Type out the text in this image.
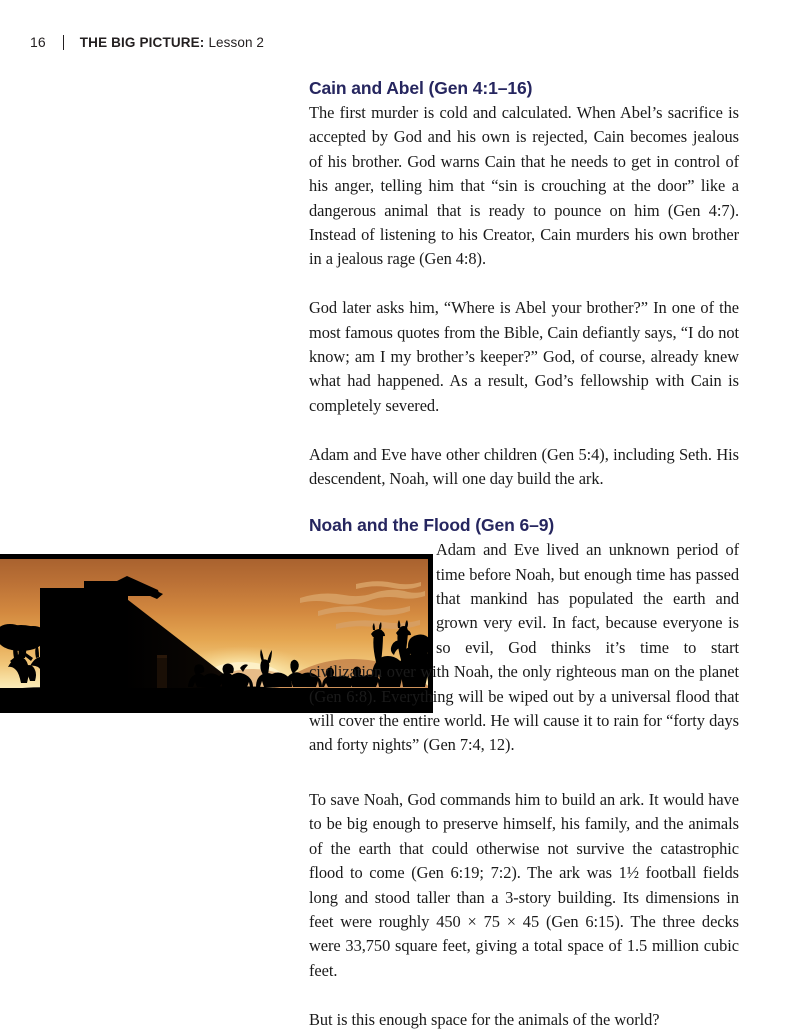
16	THE BIG PICTURE: Lesson 2
Cain and Abel (Gen 4:1–16)

The first murder is cold and calculated. When Abel’s sacrifice is accepted by God and his own is rejected, Cain becomes jealous of his brother. God warns Cain that he needs to get in control of his anger, telling him that “sin is crouching at the door” like a dangerous animal that is ready to pounce on him (Gen 4:7). Instead of listening to his Creator, Cain murders his own brother in a jealous rage (Gen 4:8).

God later asks him, “Where is Abel your brother?” In one of the most famous quotes from the Bible, Cain defiantly says, “I do not know; am I my brother’s keeper?” God, of course, already knew what had happened. As a result, God’s fellowship with Cain is completely severed.

Adam and Eve have other children (Gen 5:4), including Seth. His descendent, Noah, will one day build the ark.

Noah and the Flood (Gen 6–9)

Adam and Eve lived an unknown period of time before Noah, but enough time has passed that mankind has populated the earth and grown very evil. In fact, because everyone is so evil, God thinks it’s time to start civilization over with Noah, the only righteous man on the planet (Gen 6:8). Everything will be wiped out by a universal flood that will cover the entire world. He will cause it to rain for “forty days and forty nights” (Gen 7:4, 12).

To save Noah, God commands him to build an ark. It would have to be big enough to preserve himself, his family, and the animals of the earth that could otherwise not survive the catastrophic flood to come (Gen 6:19; 7:2). The ark was 1½ football fields long and stood taller than a 3-story building. Its dimensions in feet were roughly 450 × 75 × 45 (Gen 6:15). The three decks were 33,750 square feet, giving a total space of 1.5 million cubic feet.

But is this enough space for the animals of the world?
